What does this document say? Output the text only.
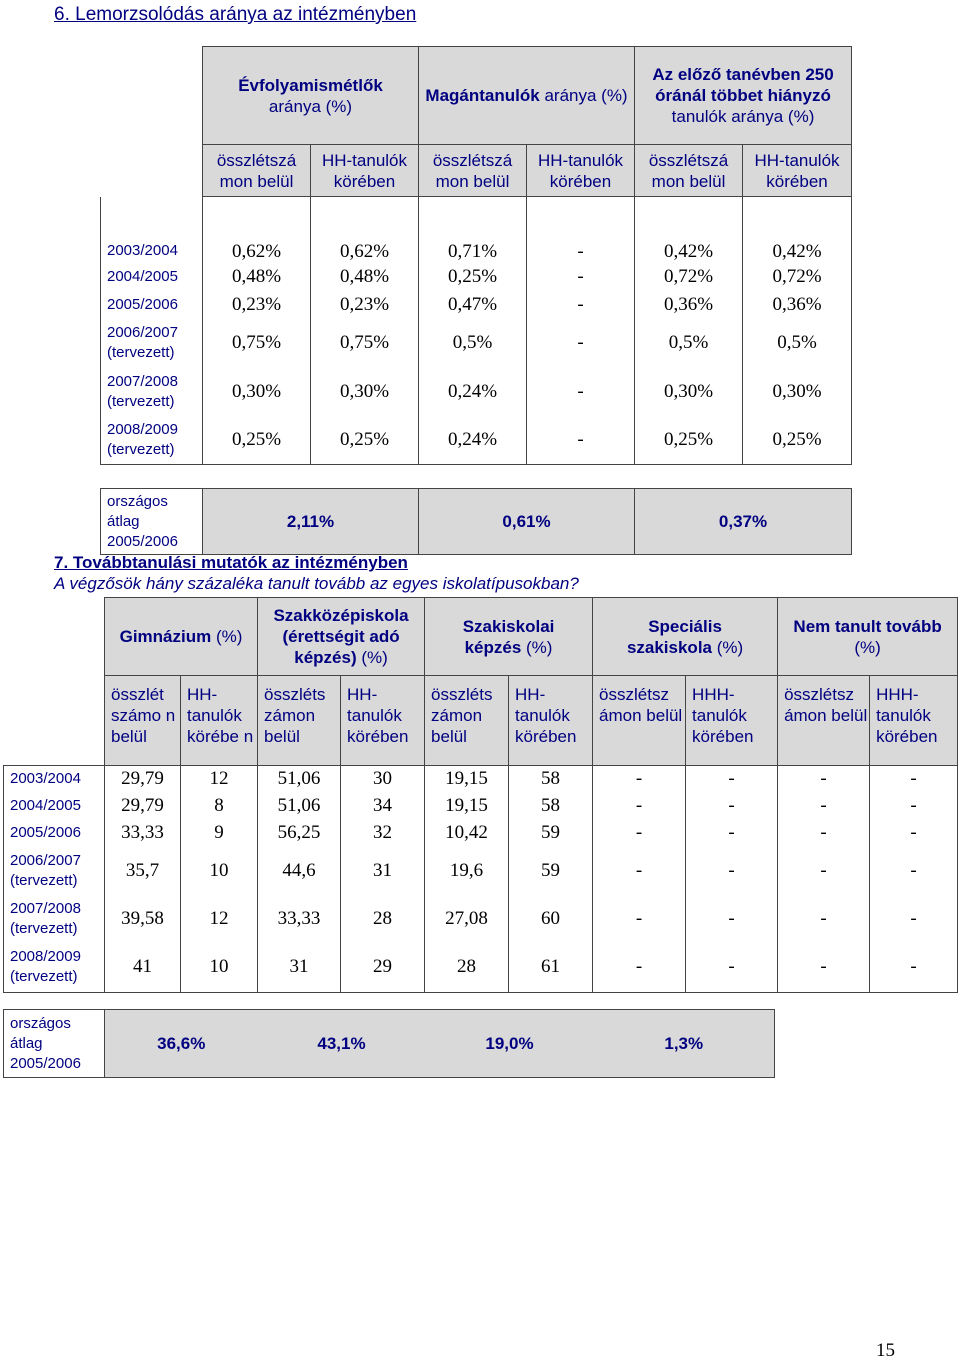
6. Lemorzsolódás aránya az intézményben
	Évfolyamismétlők
aránya (%)		Magántanulók aránya (%)		Az előző tanévben 250 óránál többet hiányzó
tanulók aránya (%)	
	összlétszá mon belül	HH-tanulók körében	összlétszá mon belül	HH-tanulók körében	összlétszá mon belül	HH-tanulók körében
2003/2004	0,62%	0,62%	0,71%	-	0,42%	0,42%
2004/2005	0,48%	0,48%	0,25%	-	0,72%	0,72%
2005/2006	0,23%	0,23%	0,47%	-	0,36%	0,36%
2006/2007
(tervezett)	0,75%	0,75%	0,5%	-	0,5%	0,5%
2007/2008
(tervezett)	0,30%	0,30%	0,24%	-	0,30%	0,30%
2008/2009
(tervezett)	0,25%	0,25%	0,24%	-	0,25%	0,25%

országos
átlag
2005/2006	2,11%		0,61%		0,37%	
7. Továbbtanulási mutatók az intézményben
A végzősök hány százaléka tanult tovább az egyes iskolatípusokban?
	Gimnázium (%)		Szakközépiskola (érettségit adó képzés) (%)		Szakiskolai képzés (%)		Speciális szakiskola (%)		Nem tanult tovább
(%)	
	összlét számo n belül	HH- tanulók körébe n	összléts zámon belül	HH- tanulók körében	összléts zámon belül	HH- tanulók körében	összlétsz ámon belül	HHH- tanulók körében	összlétsz ámon belül	HHH- tanulók körében
2003/2004	29,79	12	51,06	30	19,15	58	-	-	-	-
2004/2005	29,79	8	51,06	34	19,15	58	-	-	-	-
2005/2006	33,33	9	56,25	32	10,42	59	-	-	-	-
2006/2007
(tervezett)	35,7	10	44,6	31	19,6	59	-	-	-	-
2007/2008
(tervezett)	39,58	12	33,33	28	27,08	60	-	-	-	-
2008/2009
(tervezett)	41	10	31	29	28	61	-	-	-	-
országos
átlag
2005/2006	36,6%	43,1%	19,0%	1,3%
15
